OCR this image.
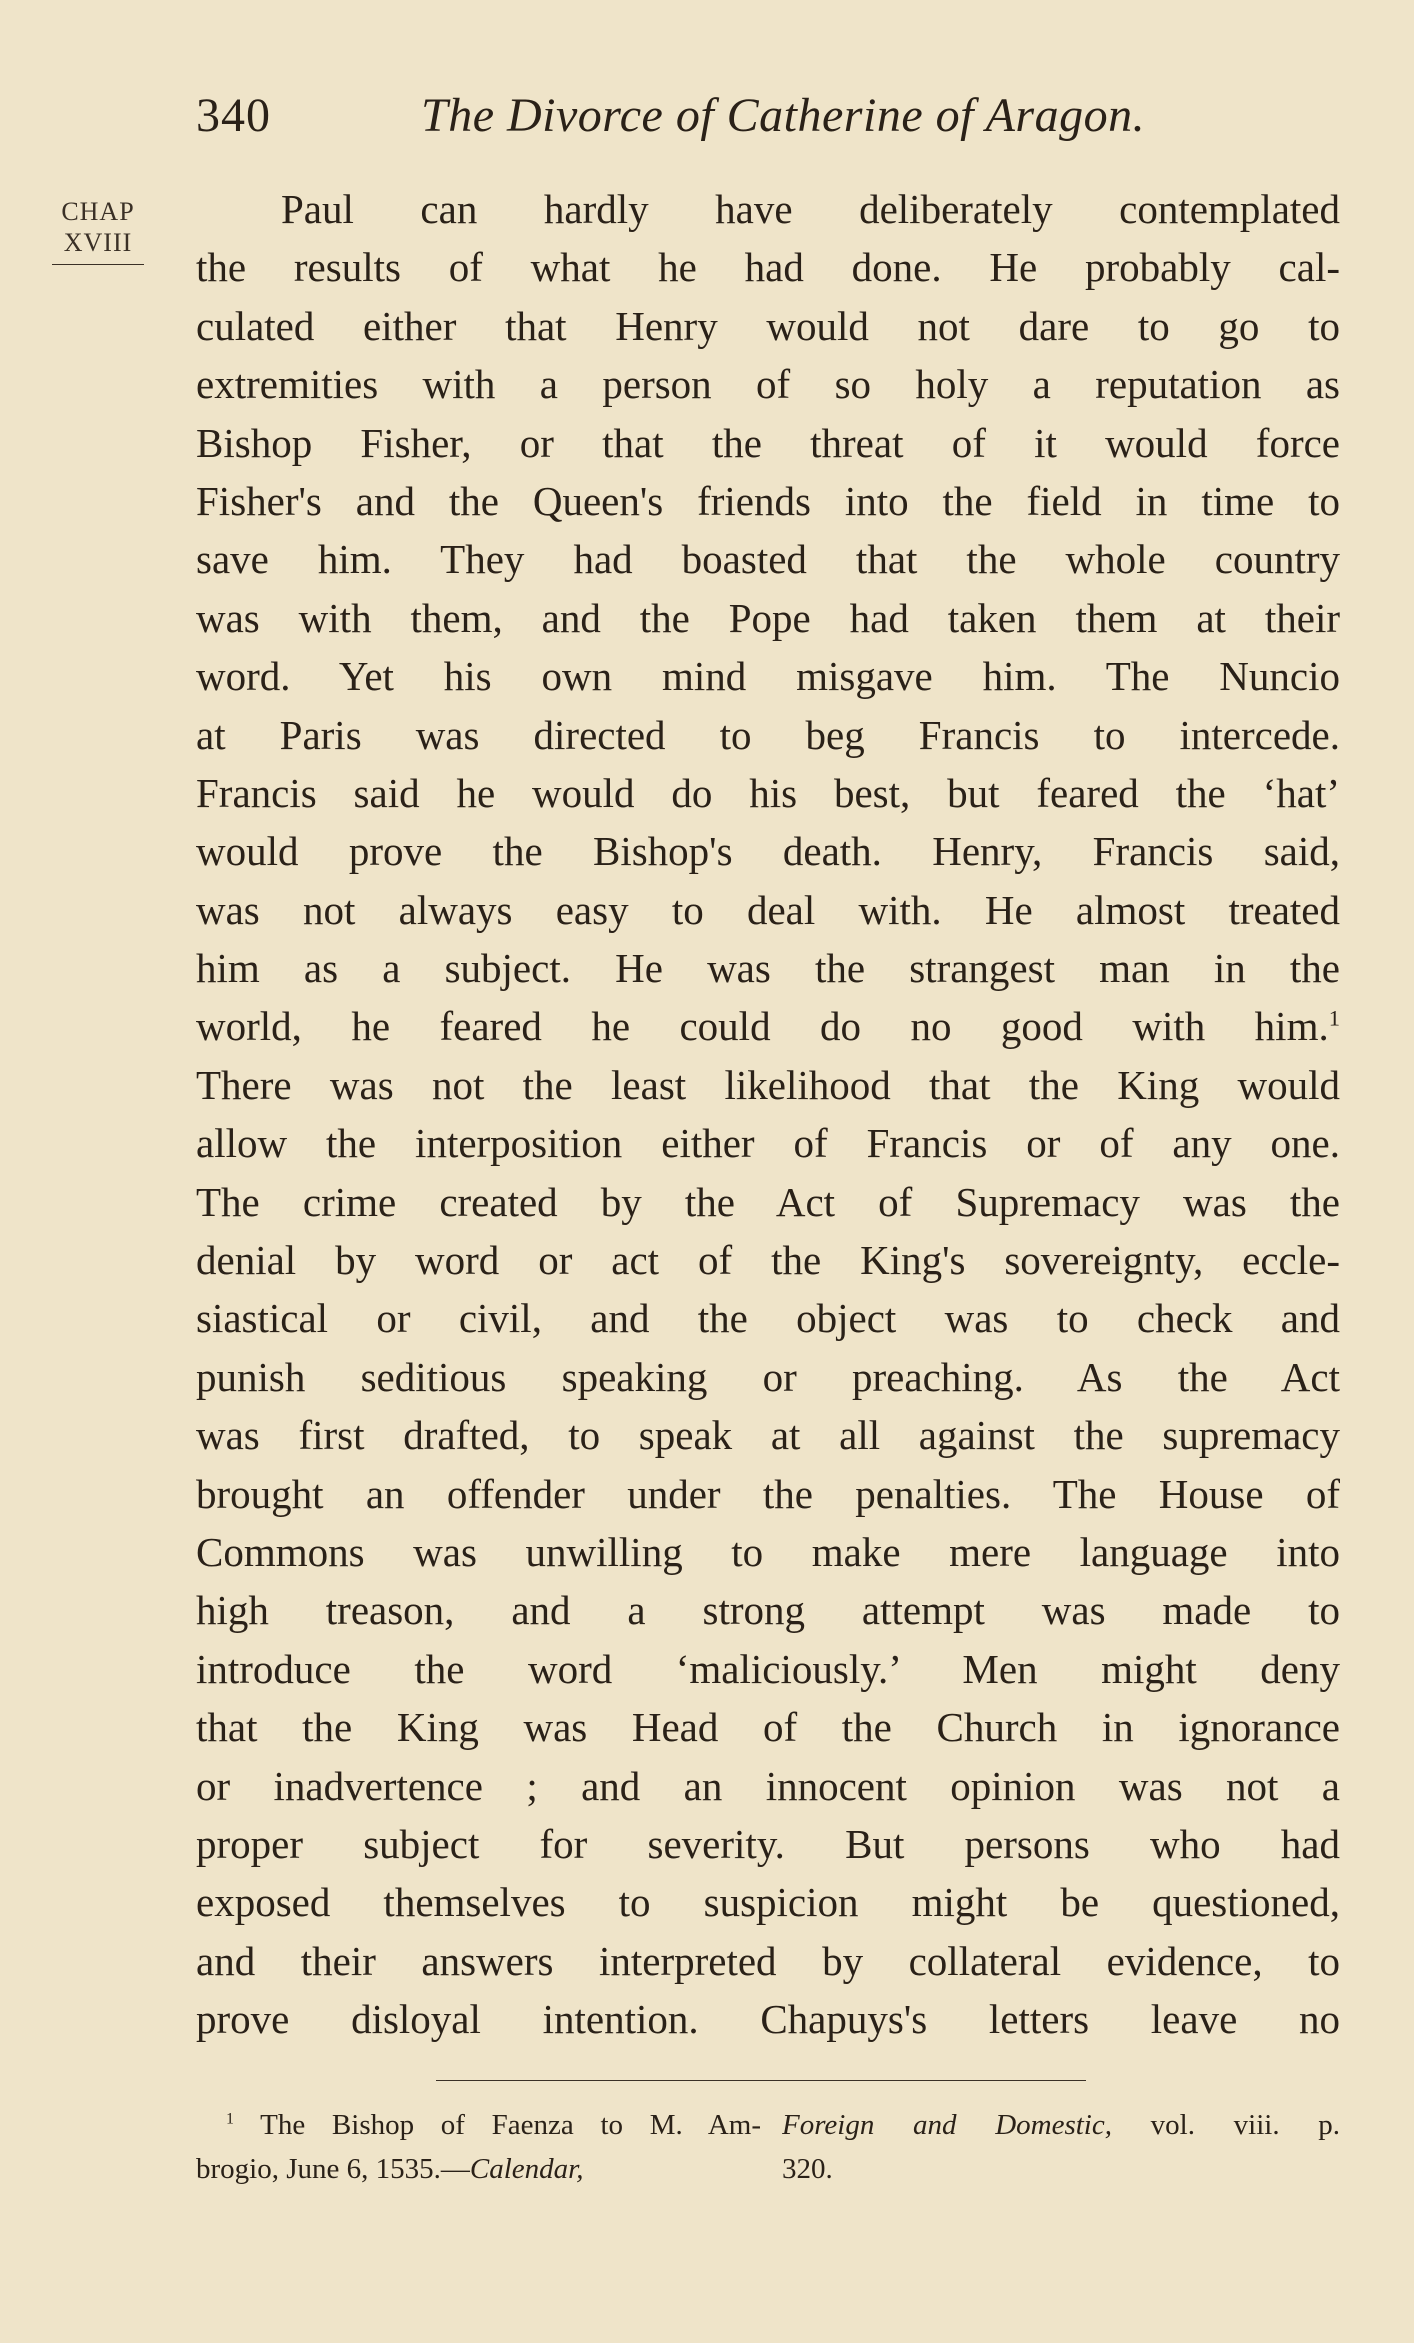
340	The Divorce of Catherine of Aragon.
CHAP
XVIII
Paul can hardly have deliberately contemplated
the results of what he had done. He probably cal-
culated either that Henry would not dare to go to
extremities with a person of so holy a reputation as
Bishop Fisher, or that the threat of it would force
Fisher's and the Queen's friends into the field in time to
save him. They had boasted that the whole country
was with them, and the Pope had taken them at their
word. Yet his own mind misgave him. The Nuncio
at Paris was directed to beg Francis to intercede.
Francis said he would do his best, but feared the ‘hat’
would prove the Bishop's death. Henry, Francis said,
was not always easy to deal with. He almost treated
him as a subject. He was the strangest man in the
world, he feared he could do no good with him.$^1$
There was not the least likelihood that the King would
allow the interposition either of Francis or of any one.
The crime created by the Act of Supremacy was the
denial by word or act of the King's sovereignty, eccle-
siastical or civil, and the object was to check and
punish seditious speaking or preaching. As the Act
was first drafted, to speak at all against the supremacy
brought an offender under the penalties. The House of
Commons was unwilling to make mere language into
high treason, and a strong attempt was made to
introduce the word ‘maliciously.’ Men might deny
that the King was Head of the Church in ignorance
or inadvertence ; and an innocent opinion was not a
proper subject for severity. But persons who had
exposed themselves to suspicion might be questioned,
and their answers interpreted by collateral evidence, to
prove disloyal intention. Chapuys's letters leave no
$^1$ The Bishop of Faenza to M. Am-
brogio, June 6, 1535.—Calendar,
Foreign and Domestic, vol. viii. p.
320.
